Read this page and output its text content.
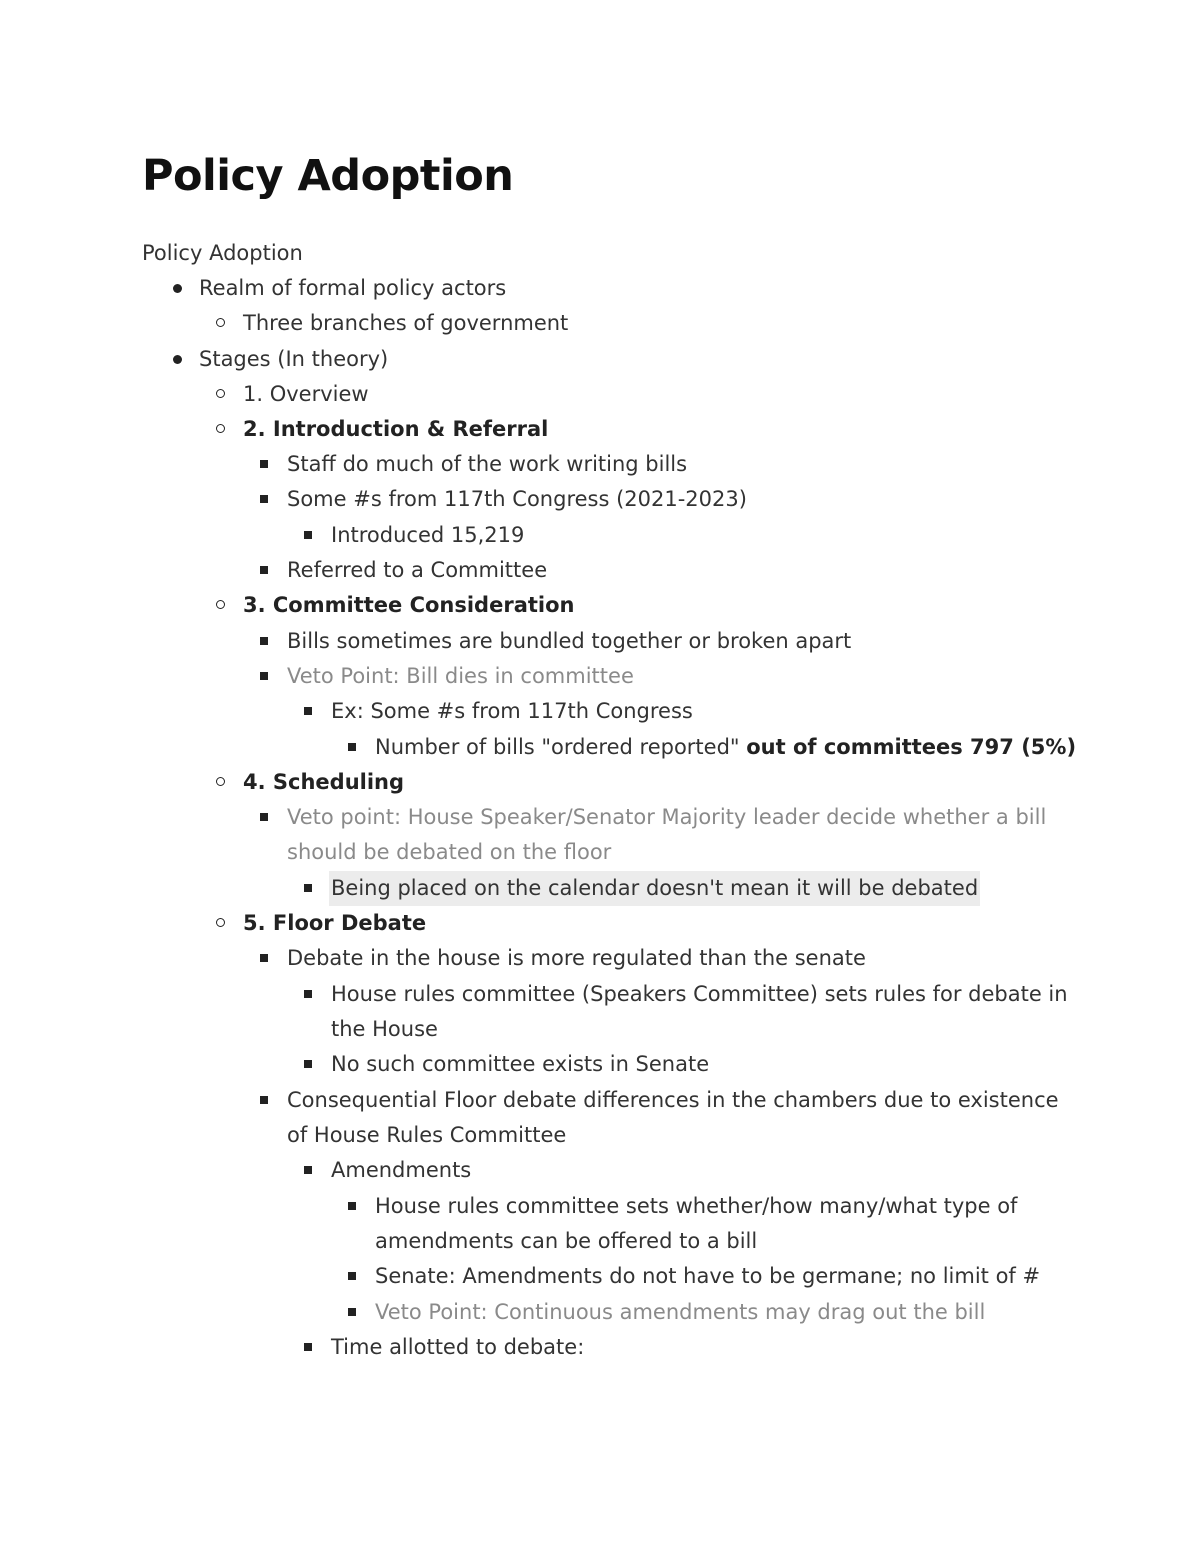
Policy Adoption
Policy Adoption
Realm of formal policy actors
Three branches of government
Stages (In theory)
1. Overview
2. Introduction & Referral
Staff do much of the work writing bills
Some #s from 117th Congress (2021-2023)
Introduced 15,219
Referred to a Committee
3. Committee Consideration
Bills sometimes are bundled together or broken apart
Veto Point: Bill dies in committee
Ex: Some #s from 117th Congress
Number of bills "ordered reported" out of committees 797 (5%)
4. Scheduling
Veto point: House Speaker/Senator Majority leader decide whether a bill
should be debated on the floor
Being placed on the calendar doesn't mean it will be debated
5. Floor Debate
Debate in the house is more regulated than the senate
House rules committee (Speakers Committee) sets rules for debate in
the House
No such committee exists in Senate
Consequential Floor debate differences in the chambers due to existence
of House Rules Committee
Amendments
House rules committee sets whether/how many/what type of
amendments can be offered to a bill
Senate: Amendments do not have to be germane; no limit of #
Veto Point: Continuous amendments may drag out the bill
Time allotted to debate:
